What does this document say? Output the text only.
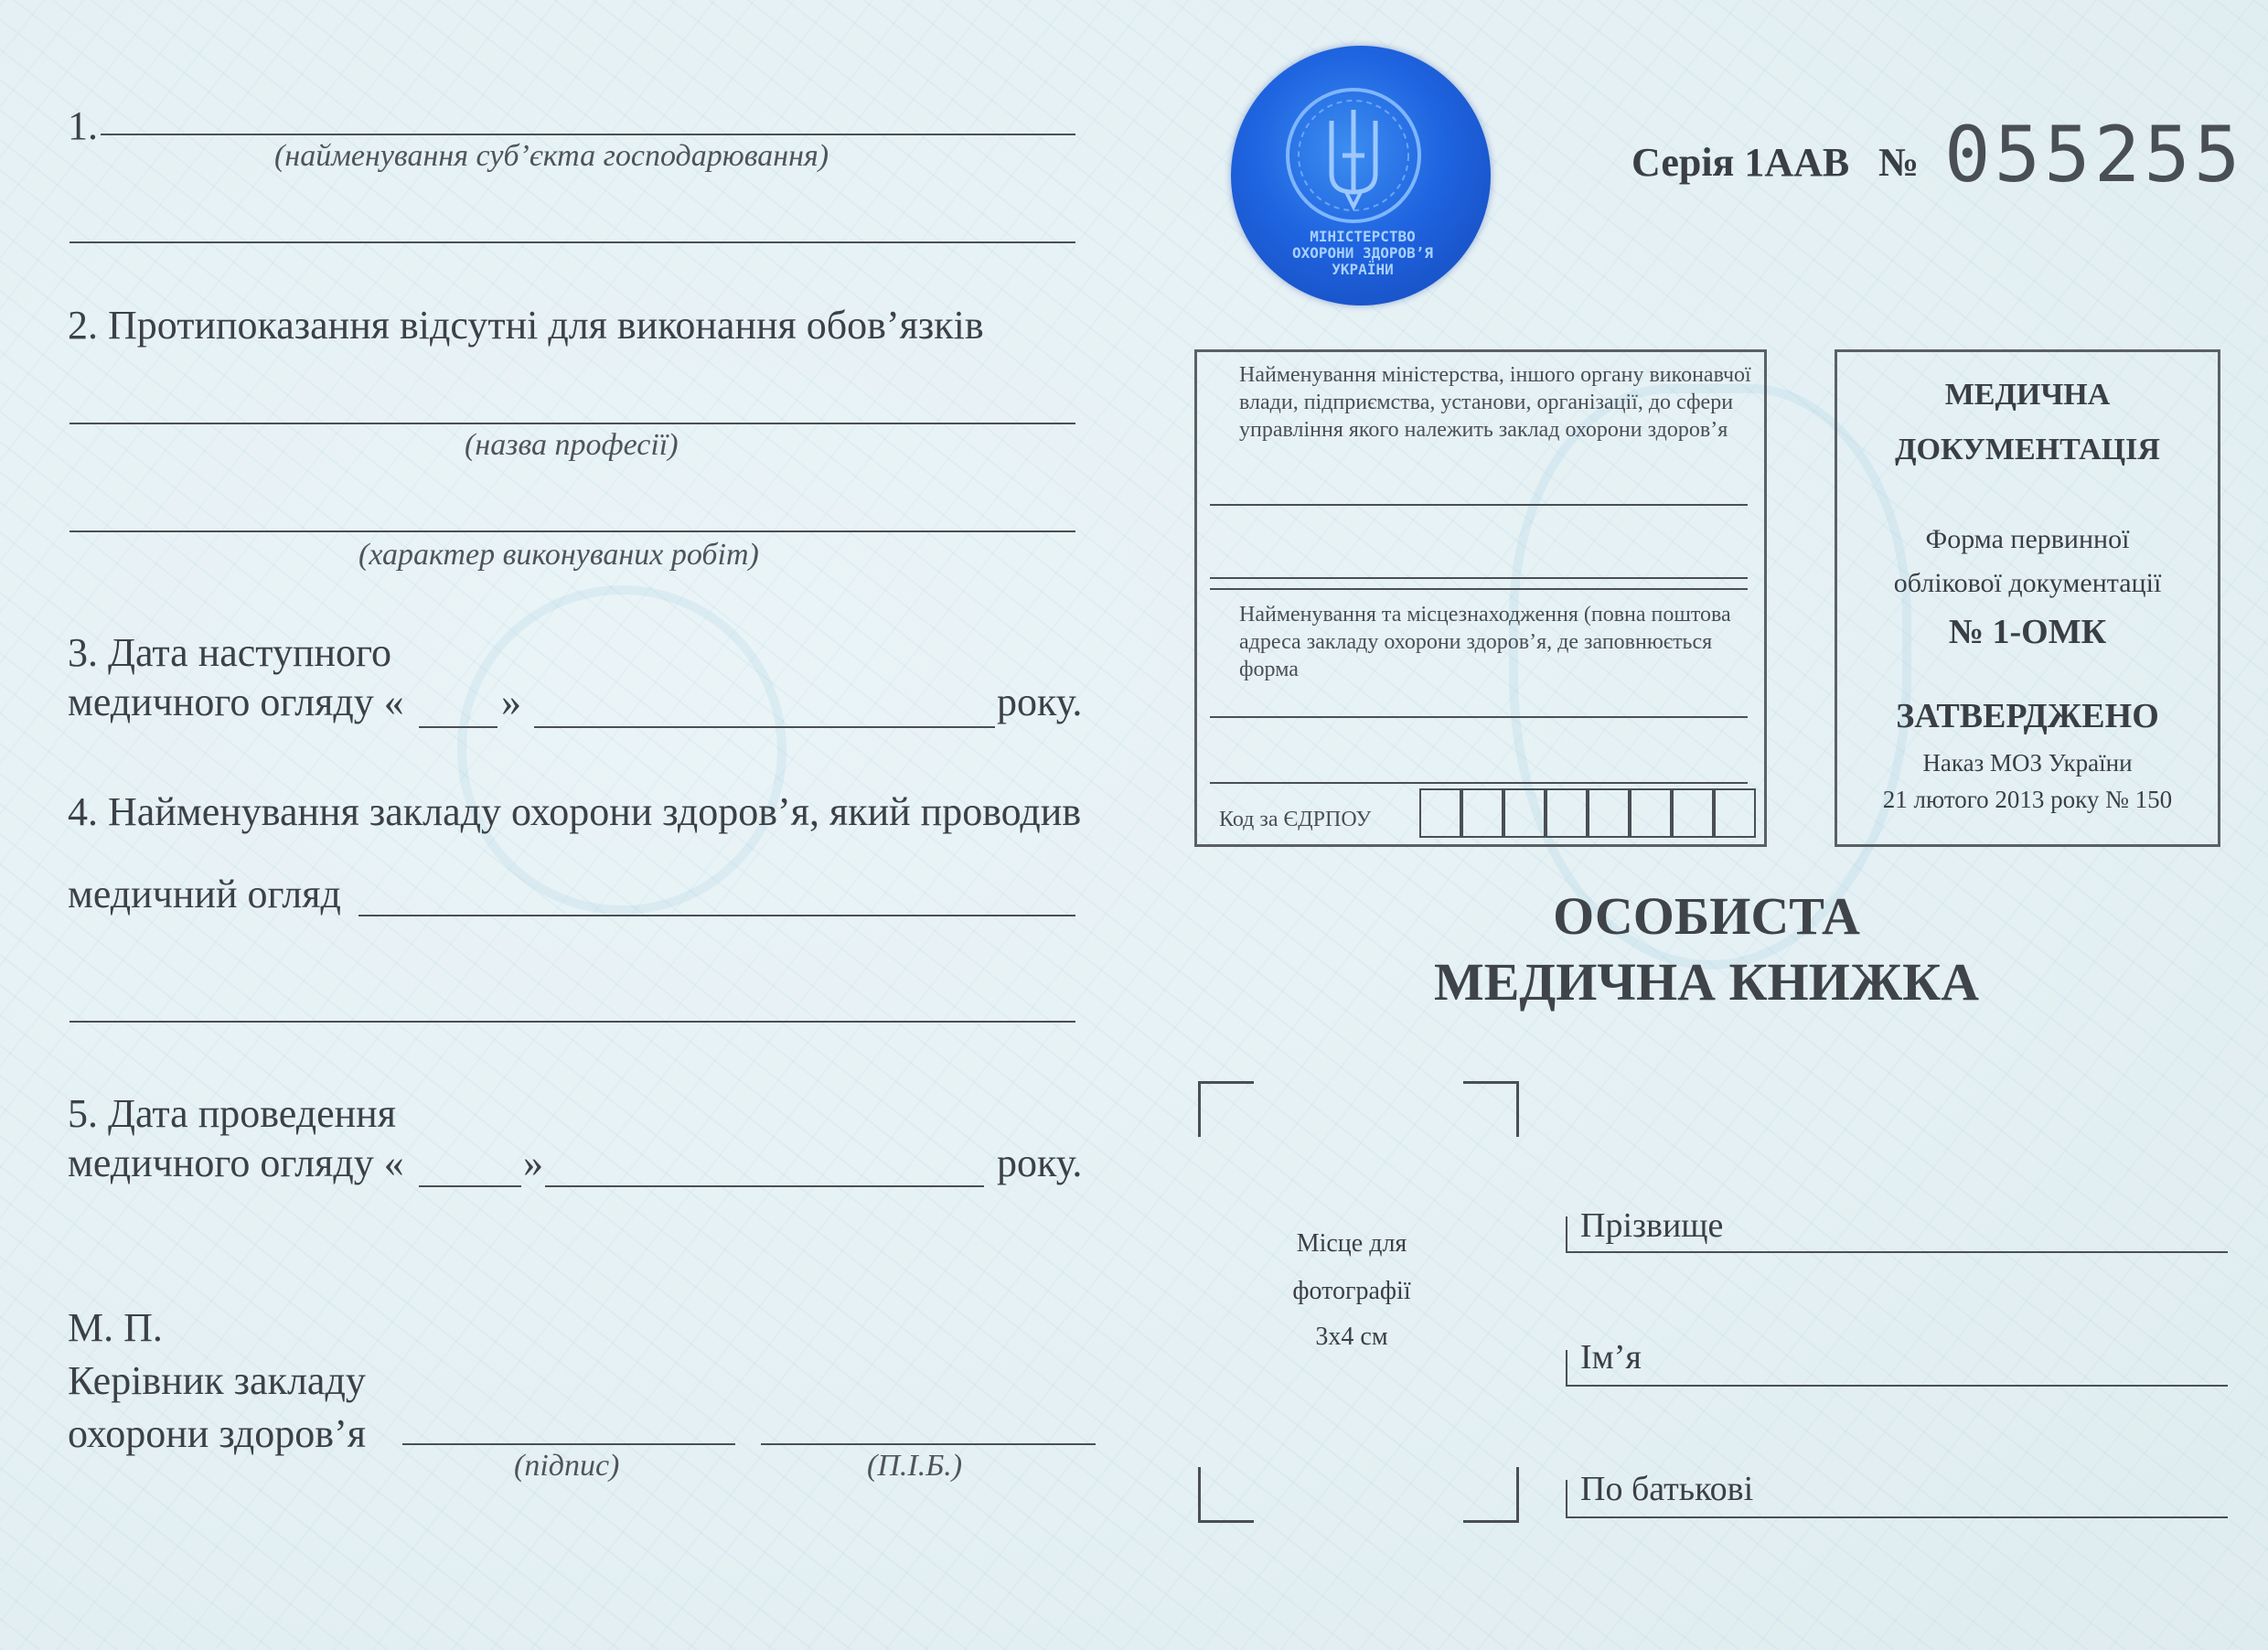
1.
(найменування суб’єкта господарювання)
2. Протипоказання відсутні для виконання обов’язків
(назва професії)
(характер виконуваних робіт)
3. Дата наступного
медичного огляду « »	року.
4. Найменування закладу охорони здоров’я, який проводив
медичний огляд
5. Дата проведення
медичного огляду «	»	року.
М. П.
Керівник закладу
охорони здоров’я
(підпис)	(П.І.Б.)
МІНІСТЕРСТВО ОХОРОНИ ЗДОРОВ’Я УКРАЇНИ
Серія 1ААВ № 055255
Найменування міністерства, іншого органу виконавчої влади, підприємства, установи, організації, до сфери управління якого належить заклад охорони здоров’я
Найменування та місцезнаходження (повна поштова адреса закладу охорони здоров’я, де заповнюється форма
Код за ЄДРПОУ
МЕДИЧНА
ДОКУМЕНТАЦІЯ
Форма первинної
облікової документації
№ 1-ОМК
ЗАТВЕРДЖЕНО
Наказ МОЗ України
21 лютого 2013 року № 150
ОСОБИСТА
МЕДИЧНА КНИЖКА
Місце для
фотографії
3х4 см
Прізвище
Ім’я
По батькові
